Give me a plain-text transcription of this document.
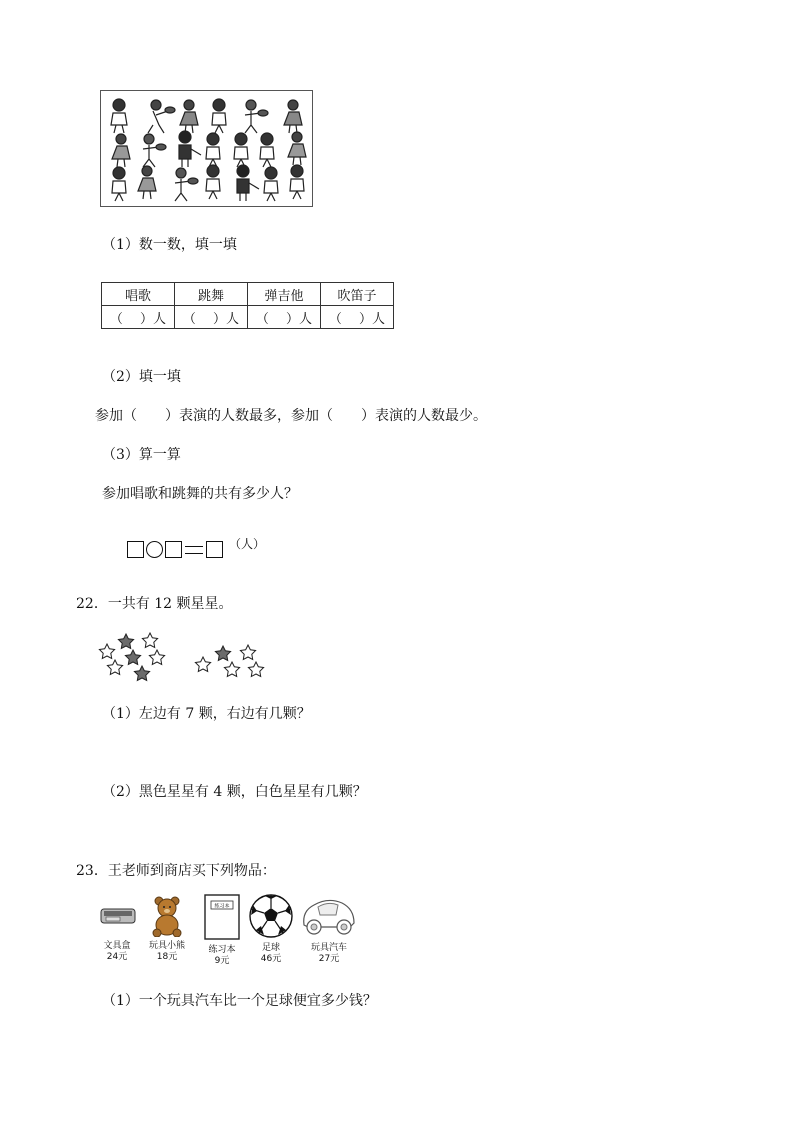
（1）数一数，填一填
唱歌	跳舞	弹吉他	吹笛子
（　 ）人	（　 ）人	（　 ）人	（　 ）人
（2）填一填
参加（　　）表演的人数最多，参加（　　）表演的人数最少。
（3）算一算
参加唱歌和跳舞的共有多少人？
（人）
22．一共有 12 颗星星。
（1）左边有 7 颗，右边有几颗？
（2）黑色星星有 4 颗，白色星星有几颗？
23．王老师到商店买下列物品：
文具盒
24元
玩具小熊
18元
练习本
练习本
9元
足球
46元
玩具汽车
27元
（1）一个玩具汽车比一个足球便宜多少钱？
